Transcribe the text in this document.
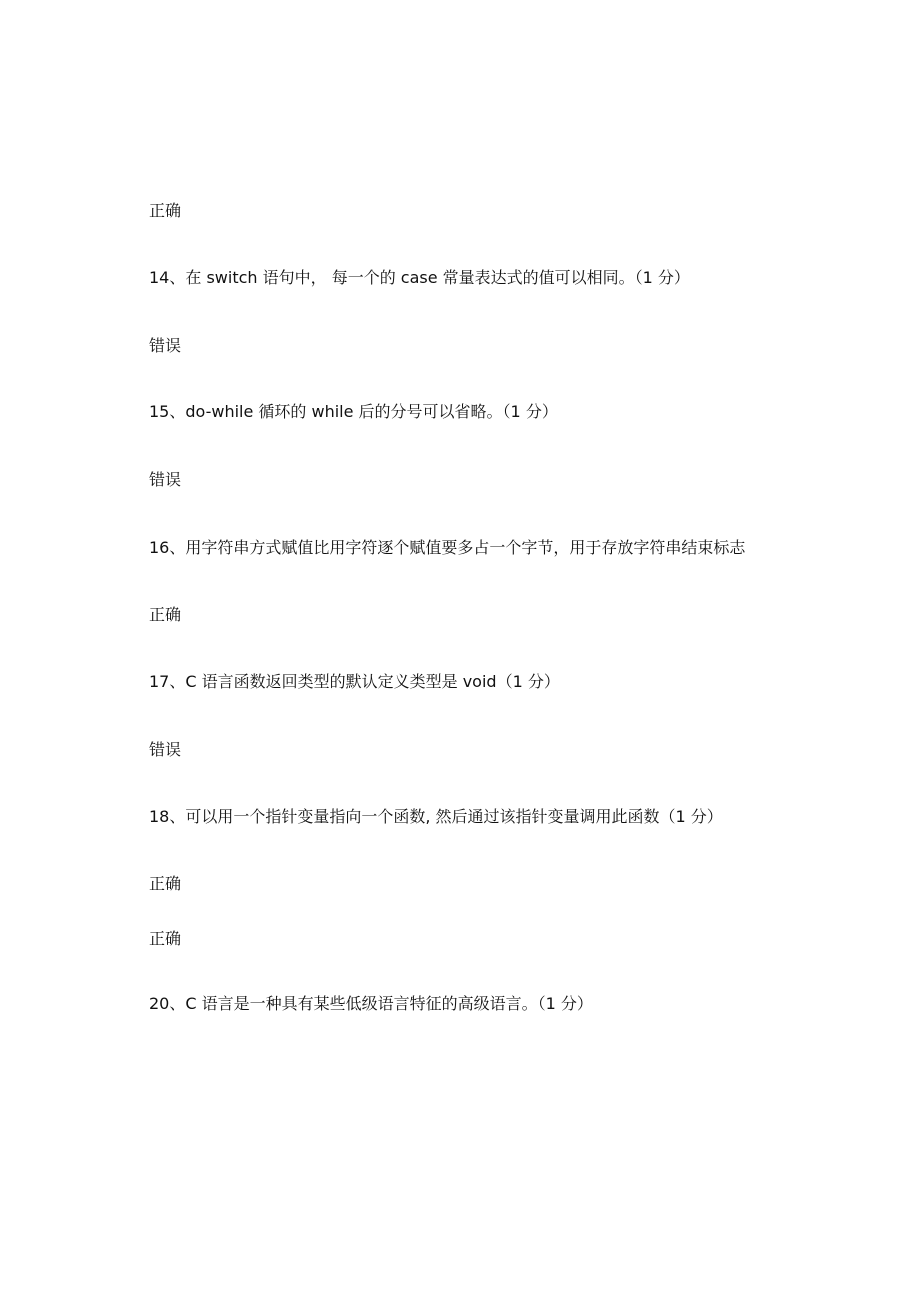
正确
14、在 switch 语句中， 每一个的 case 常量表达式的值可以相同。（1 分）
错误
15、do-while 循环的 while 后的分号可以省略。（1 分）
错误
16、用字符串方式赋值比用字符逐个赋值要多占一个字节，用于存放字符串结束标志
正确
17、C 语言函数返回类型的默认定义类型是 void（1 分）
错误
18、可以用一个指针变量指向一个函数, 然后通过该指针变量调用此函数（1 分）
正确
正确
20、C 语言是一种具有某些低级语言特征的高级语言。（1 分）
